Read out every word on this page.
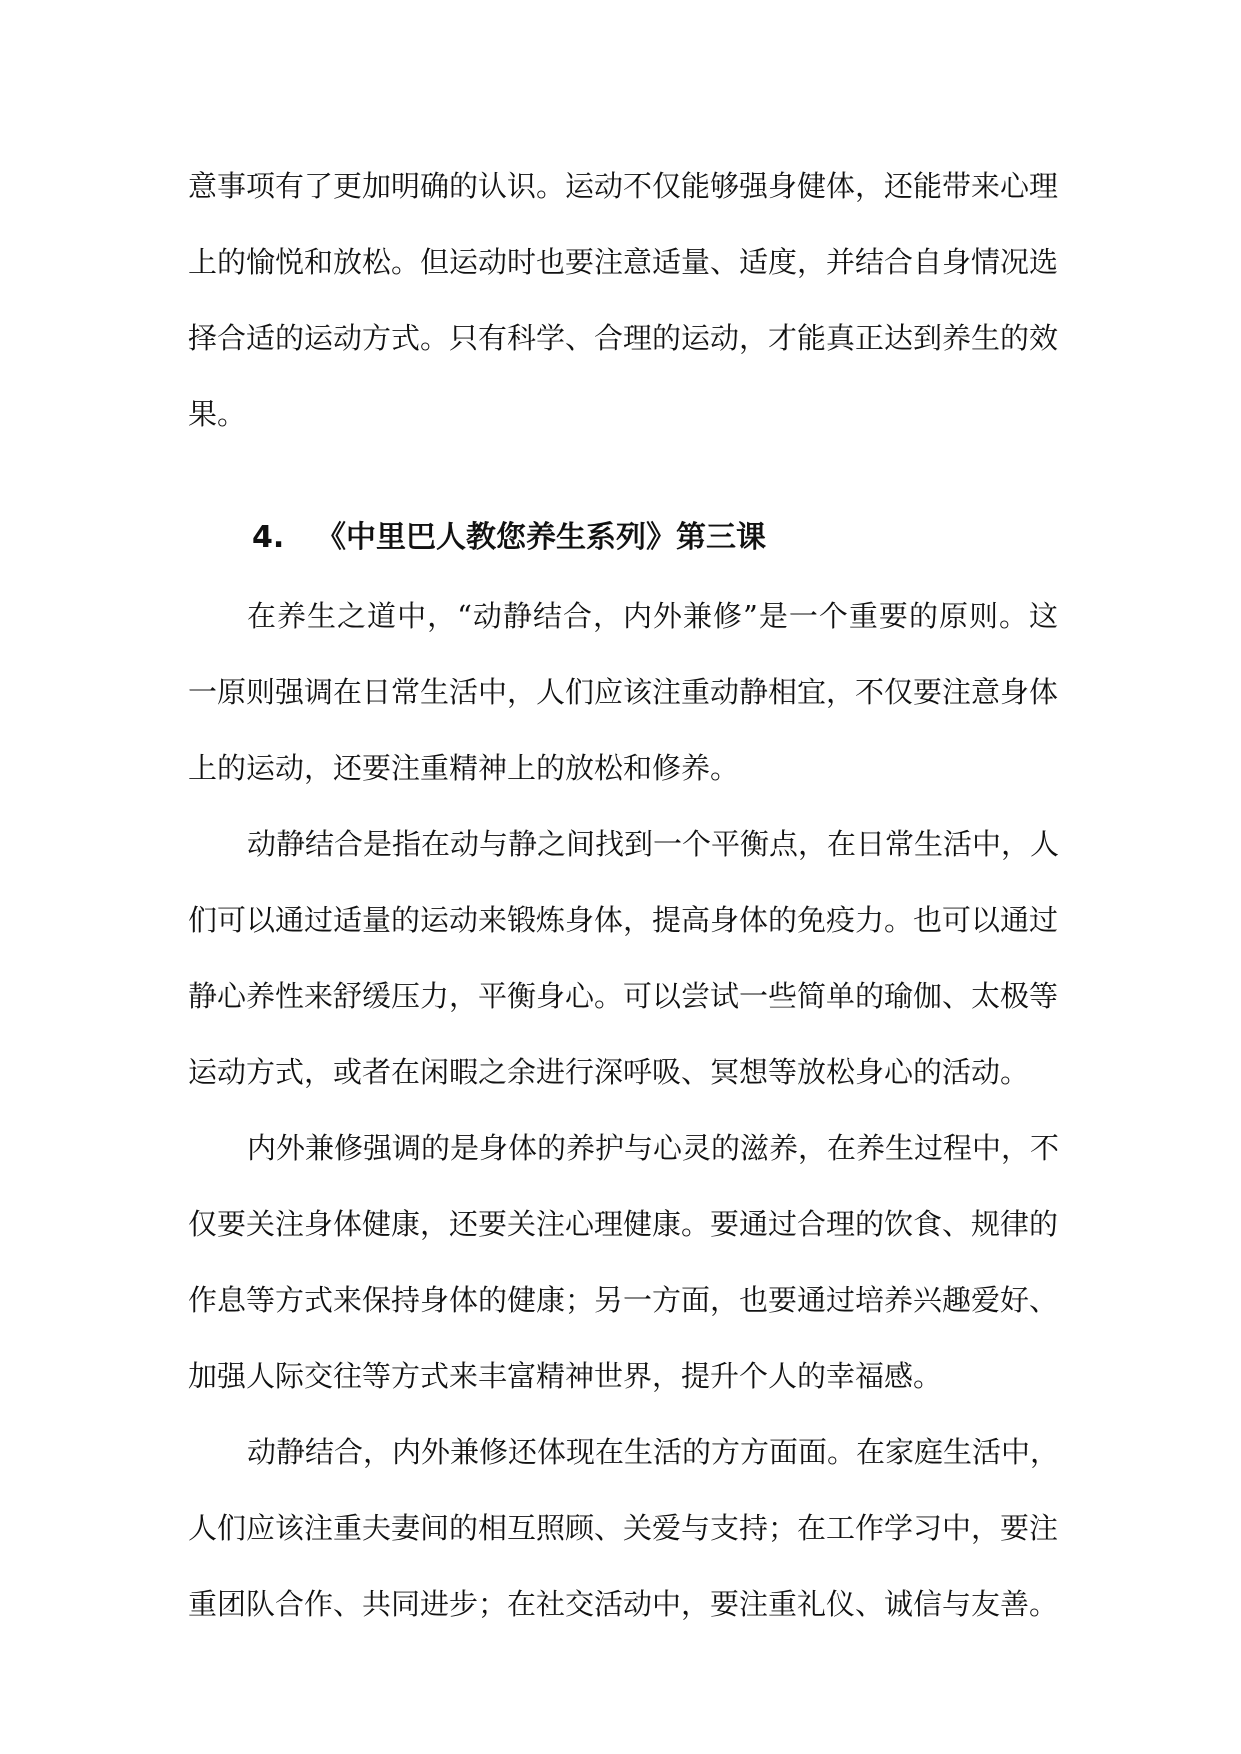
意事项有了更加明确的认识。运动不仅能够强身健体，还能带来心理

上的愉悦和放松。但运动时也要注意适量、适度，并结合自身情况选

择合适的运动方式。只有科学、合理的运动，才能真正达到养生的效

果。

4. 《中里巴人教您养生系列》第三课

在养生之道中，“动静结合，内外兼修”是一个重要的原则。这

一原则强调在日常生活中，人们应该注重动静相宜，不仅要注意身体

上的运动，还要注重精神上的放松和修养。

动静结合是指在动与静之间找到一个平衡点，在日常生活中，人

们可以通过适量的运动来锻炼身体，提高身体的免疫力。也可以通过

静心养性来舒缓压力，平衡身心。可以尝试一些简单的瑜伽、太极等

运动方式，或者在闲暇之余进行深呼吸、冥想等放松身心的活动。

内外兼修强调的是身体的养护与心灵的滋养，在养生过程中，不

仅要关注身体健康，还要关注心理健康。要通过合理的饮食、规律的

作息等方式来保持身体的健康；另一方面，也要通过培养兴趣爱好、

加强人际交往等方式来丰富精神世界，提升个人的幸福感。

动静结合，内外兼修还体现在生活的方方面面。在家庭生活中，

人们应该注重夫妻间的相互照顾、关爱与支持；在工作学习中，要注

重团队合作、共同进步；在社交活动中，要注重礼仪、诚信与友善。
